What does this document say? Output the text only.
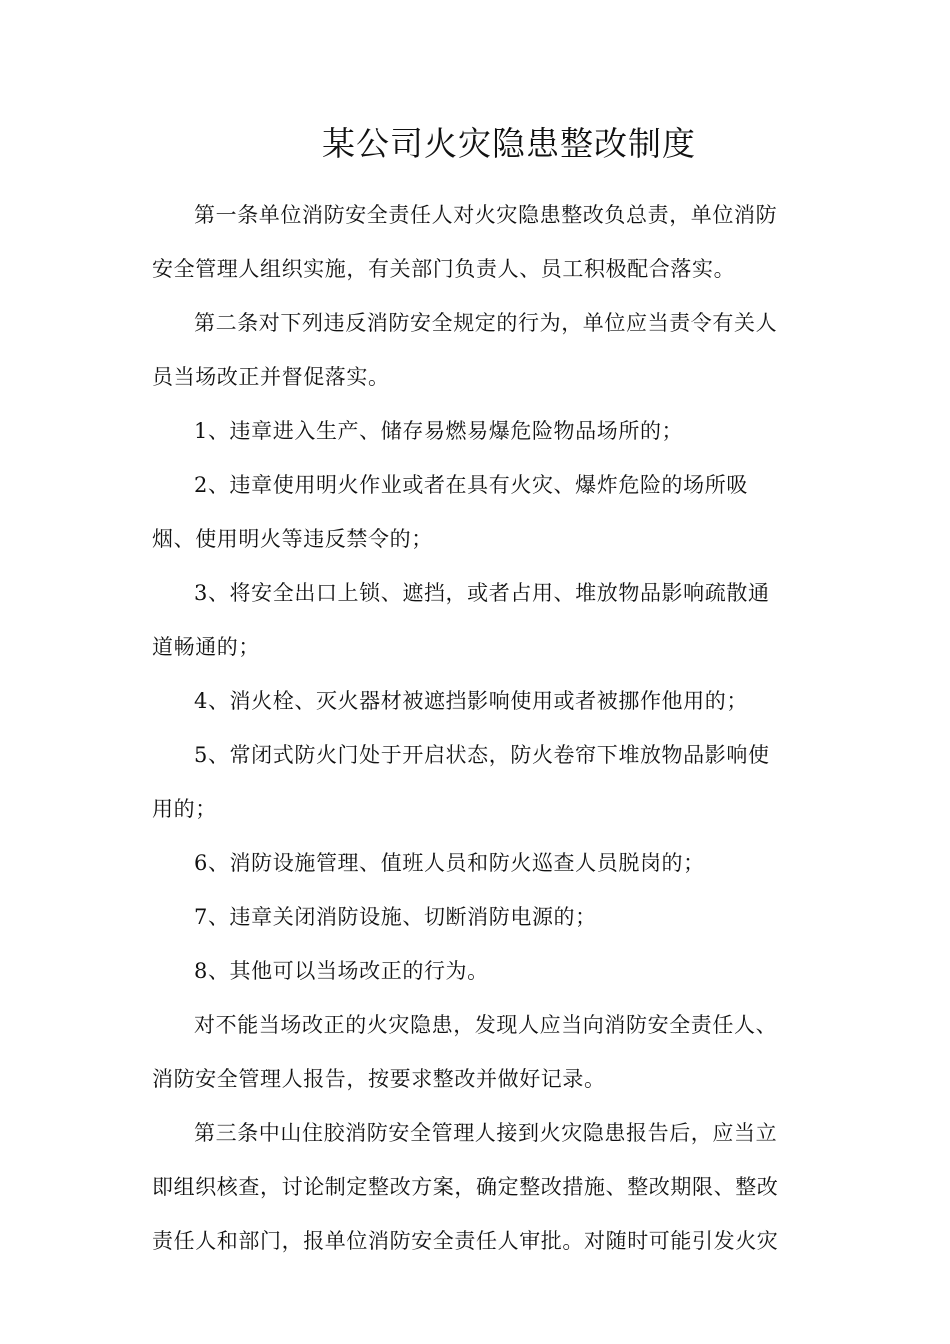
某公司火灾隐患整改制度

第一条单位消防安全责任人对火灾隐患整改负总责，单位消防
安全管理人组织实施，有关部门负责人、员工积极配合落实。

第二条对下列违反消防安全规定的行为，单位应当责令有关人
员当场改正并督促落实。

1、违章进入生产、储存易燃易爆危险物品场所的；

2、违章使用明火作业或者在具有火灾、爆炸危险的场所吸
烟、使用明火等违反禁令的；

3、将安全出口上锁、遮挡，或者占用、堆放物品影响疏散通
道畅通的；

4、消火栓、灭火器材被遮挡影响使用或者被挪作他用的；

5、常闭式防火门处于开启状态，防火卷帘下堆放物品影响使
用的；

6、消防设施管理、值班人员和防火巡查人员脱岗的；

7、违章关闭消防设施、切断消防电源的；

8、其他可以当场改正的行为。

对不能当场改正的火灾隐患，发现人应当向消防安全责任人、
消防安全管理人报告，按要求整改并做好记录。

第三条中山住胶消防安全管理人接到火灾隐患报告后，应当立
即组织核查，讨论制定整改方案，确定整改措施、整改期限、整改
责任人和部门，报单位消防安全责任人审批。对随时可能引发火灾
